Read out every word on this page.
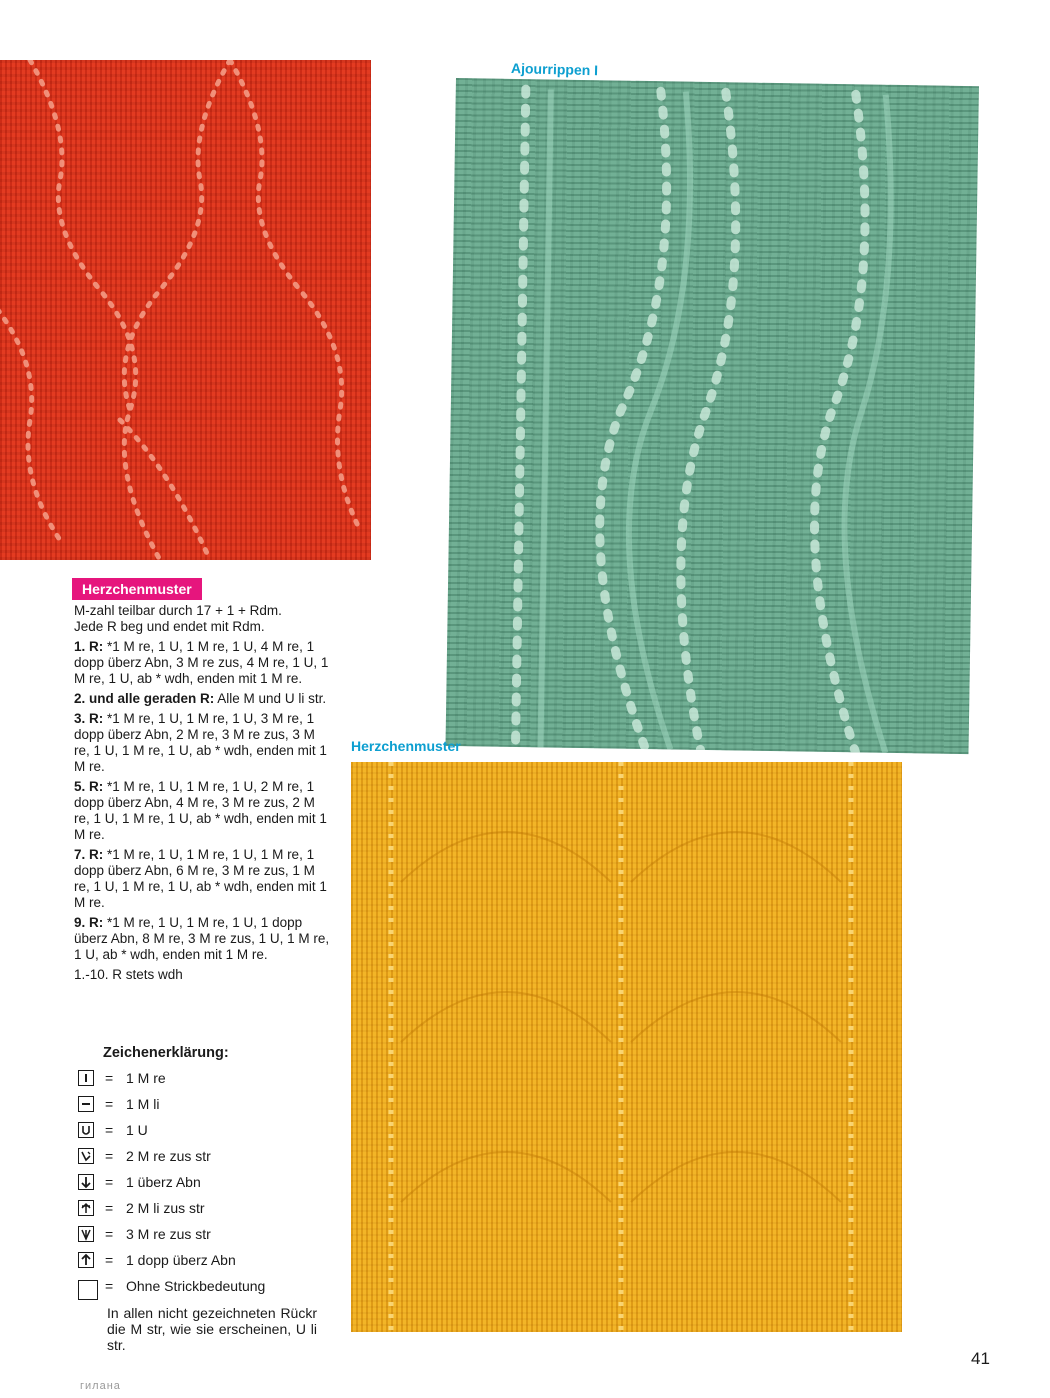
Ajourrippen I
Herzchenmuster
Herzchenmuster

M-zahl teilbar durch 17 + 1 + Rdm.
Jede R beg und endet mit Rdm.

1. R: *1 M re, 1 U, 1 M re, 1 U, 4 M re, 1 dopp überz Abn, 3 M re zus, 4 M re, 1 U, 1 M re, 1 U, ab * wdh, enden mit 1 M re.

2. und alle geraden R: Alle M und U li str.

3. R: *1 M re, 1 U, 1 M re, 1 U, 3 M re, 1 dopp überz Abn, 2 M re, 3 M re zus, 3 M re, 1 U, 1 M re, 1 U, ab * wdh, enden mit 1 M re.

5. R: *1 M re, 1 U, 1 M re, 1 U, 2 M re, 1 dopp überz Abn, 4 M re, 3 M re zus, 2 M re, 1 U, 1 M re, 1 U, ab * wdh, enden mit 1 M re.

7. R: *1 M re, 1 U, 1 M re, 1 U, 1 M re, 1 dopp überz Abn, 6 M re, 3 M re zus, 1 M re, 1 U, 1 M re, 1 U, ab * wdh, enden mit 1 M re.

9. R: *1 M re, 1 U, 1 M re, 1 U, 1 dopp überz Abn, 8 M re, 3 M re zus, 1 U, 1 M re, 1 U, ab * wdh, enden mit 1 M re.

1.-10. R stets wdh

Zeichenerklärung:
= 1 M re
= 1 M li
= 1 U
= 2 M re zus str
= 1 überz Abn
= 2 M li zus str
= 3 M re zus str
= 1 dopp überz Abn
= Ohne Strickbedeutung
In allen nicht gezeichneten Rückr die M str, wie sie erscheinen, U li str.
41
гилана
